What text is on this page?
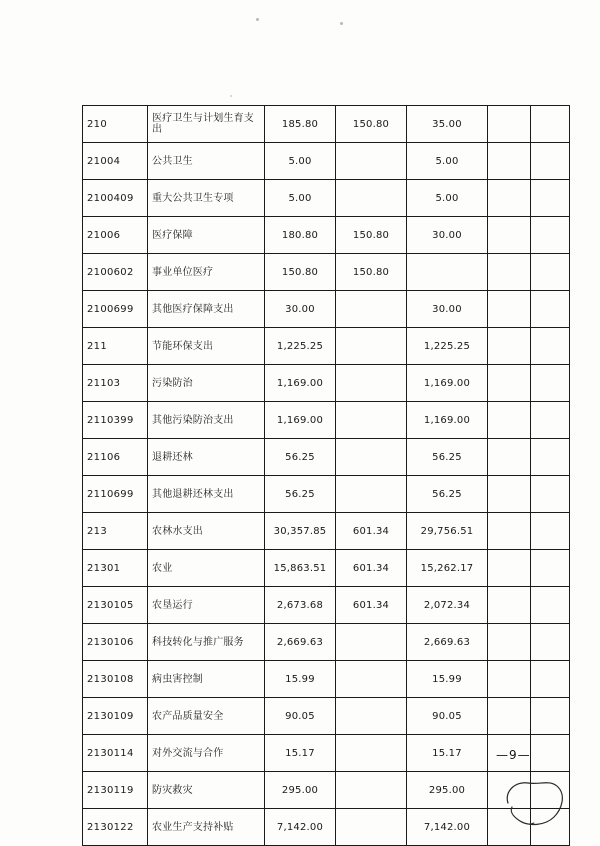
210	医疗卫生与计划生育支出	185.80	150.80	35.00		
21004	公共卫生	5.00		5.00		
2100409	重大公共卫生专项	5.00		5.00		
21006	医疗保障	180.80	150.80	30.00		
2100602	事业单位医疗	150.80	150.80			
2100699	其他医疗保障支出	30.00		30.00		
211	节能环保支出	1,225.25		1,225.25		
21103	污染防治	1,169.00		1,169.00		
2110399	其他污染防治支出	1,169.00		1,169.00		
21106	退耕还林	56.25		56.25		
2110699	其他退耕还林支出	56.25		56.25		
213	农林水支出	30,357.85	601.34	29,756.51		
21301	农业	15,863.51	601.34	15,262.17		
2130105	农垦运行	2,673.68	601.34	2,072.34		
2130106	科技转化与推广服务	2,669.63		2,669.63		
2130108	病虫害控制	15.99		15.99		
2130109	农产品质量安全	90.05		90.05		
2130114	对外交流与合作	15.17		15.17		
2130119	防灾救灾	295.00		295.00		
2130122	农业生产支持补贴	7,142.00		7,142.00		
—9—
